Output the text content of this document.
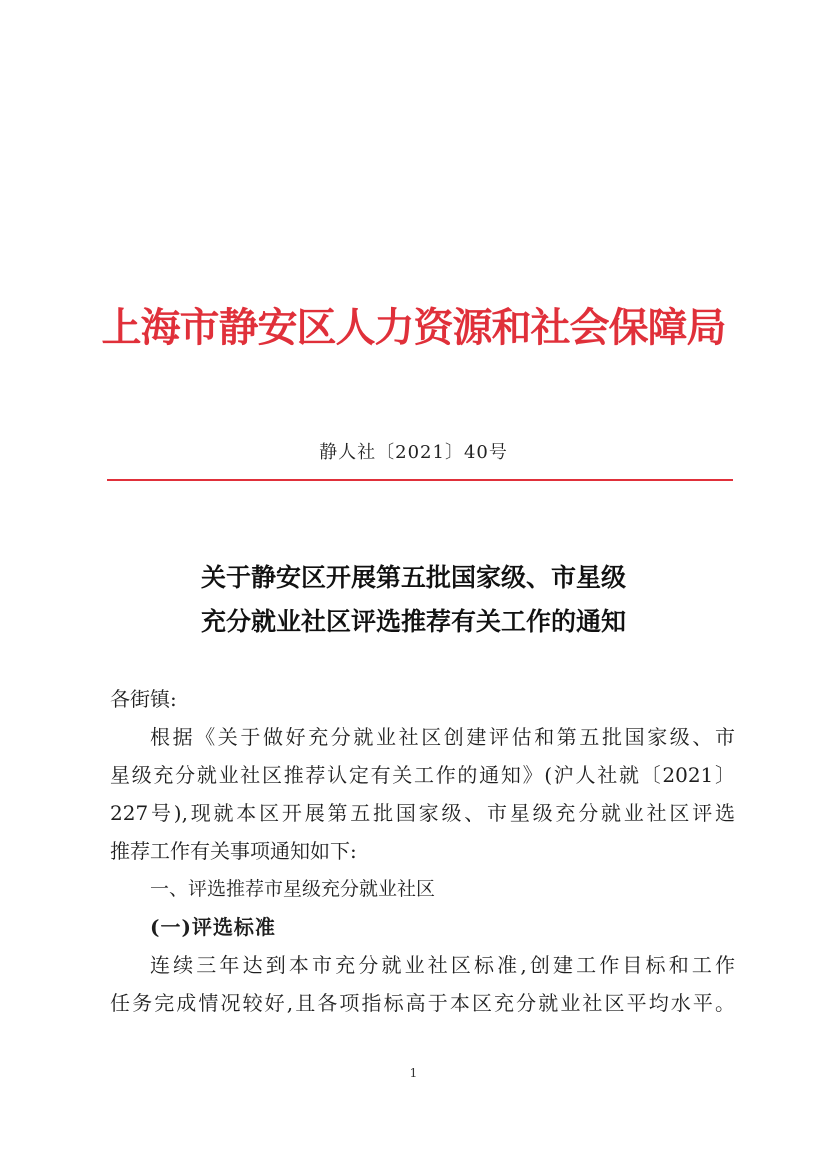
上海市静安区人力资源和社会保障局
静人社〔2021〕40号
关于静安区开展第五批国家级、市星级
充分就业社区评选推荐有关工作的通知
各街镇:
根据《关于做好充分就业社区创建评估和第五批国家级、市
星级充分就业社区推荐认定有关工作的通知》(沪人社就〔2021〕
227号),现就本区开展第五批国家级、市星级充分就业社区评选
推荐工作有关事项通知如下:
一、评选推荐市星级充分就业社区
(一)评选标准
连续三年达到本市充分就业社区标准,创建工作目标和工作
任务完成情况较好,且各项指标高于本区充分就业社区平均水平。
1
